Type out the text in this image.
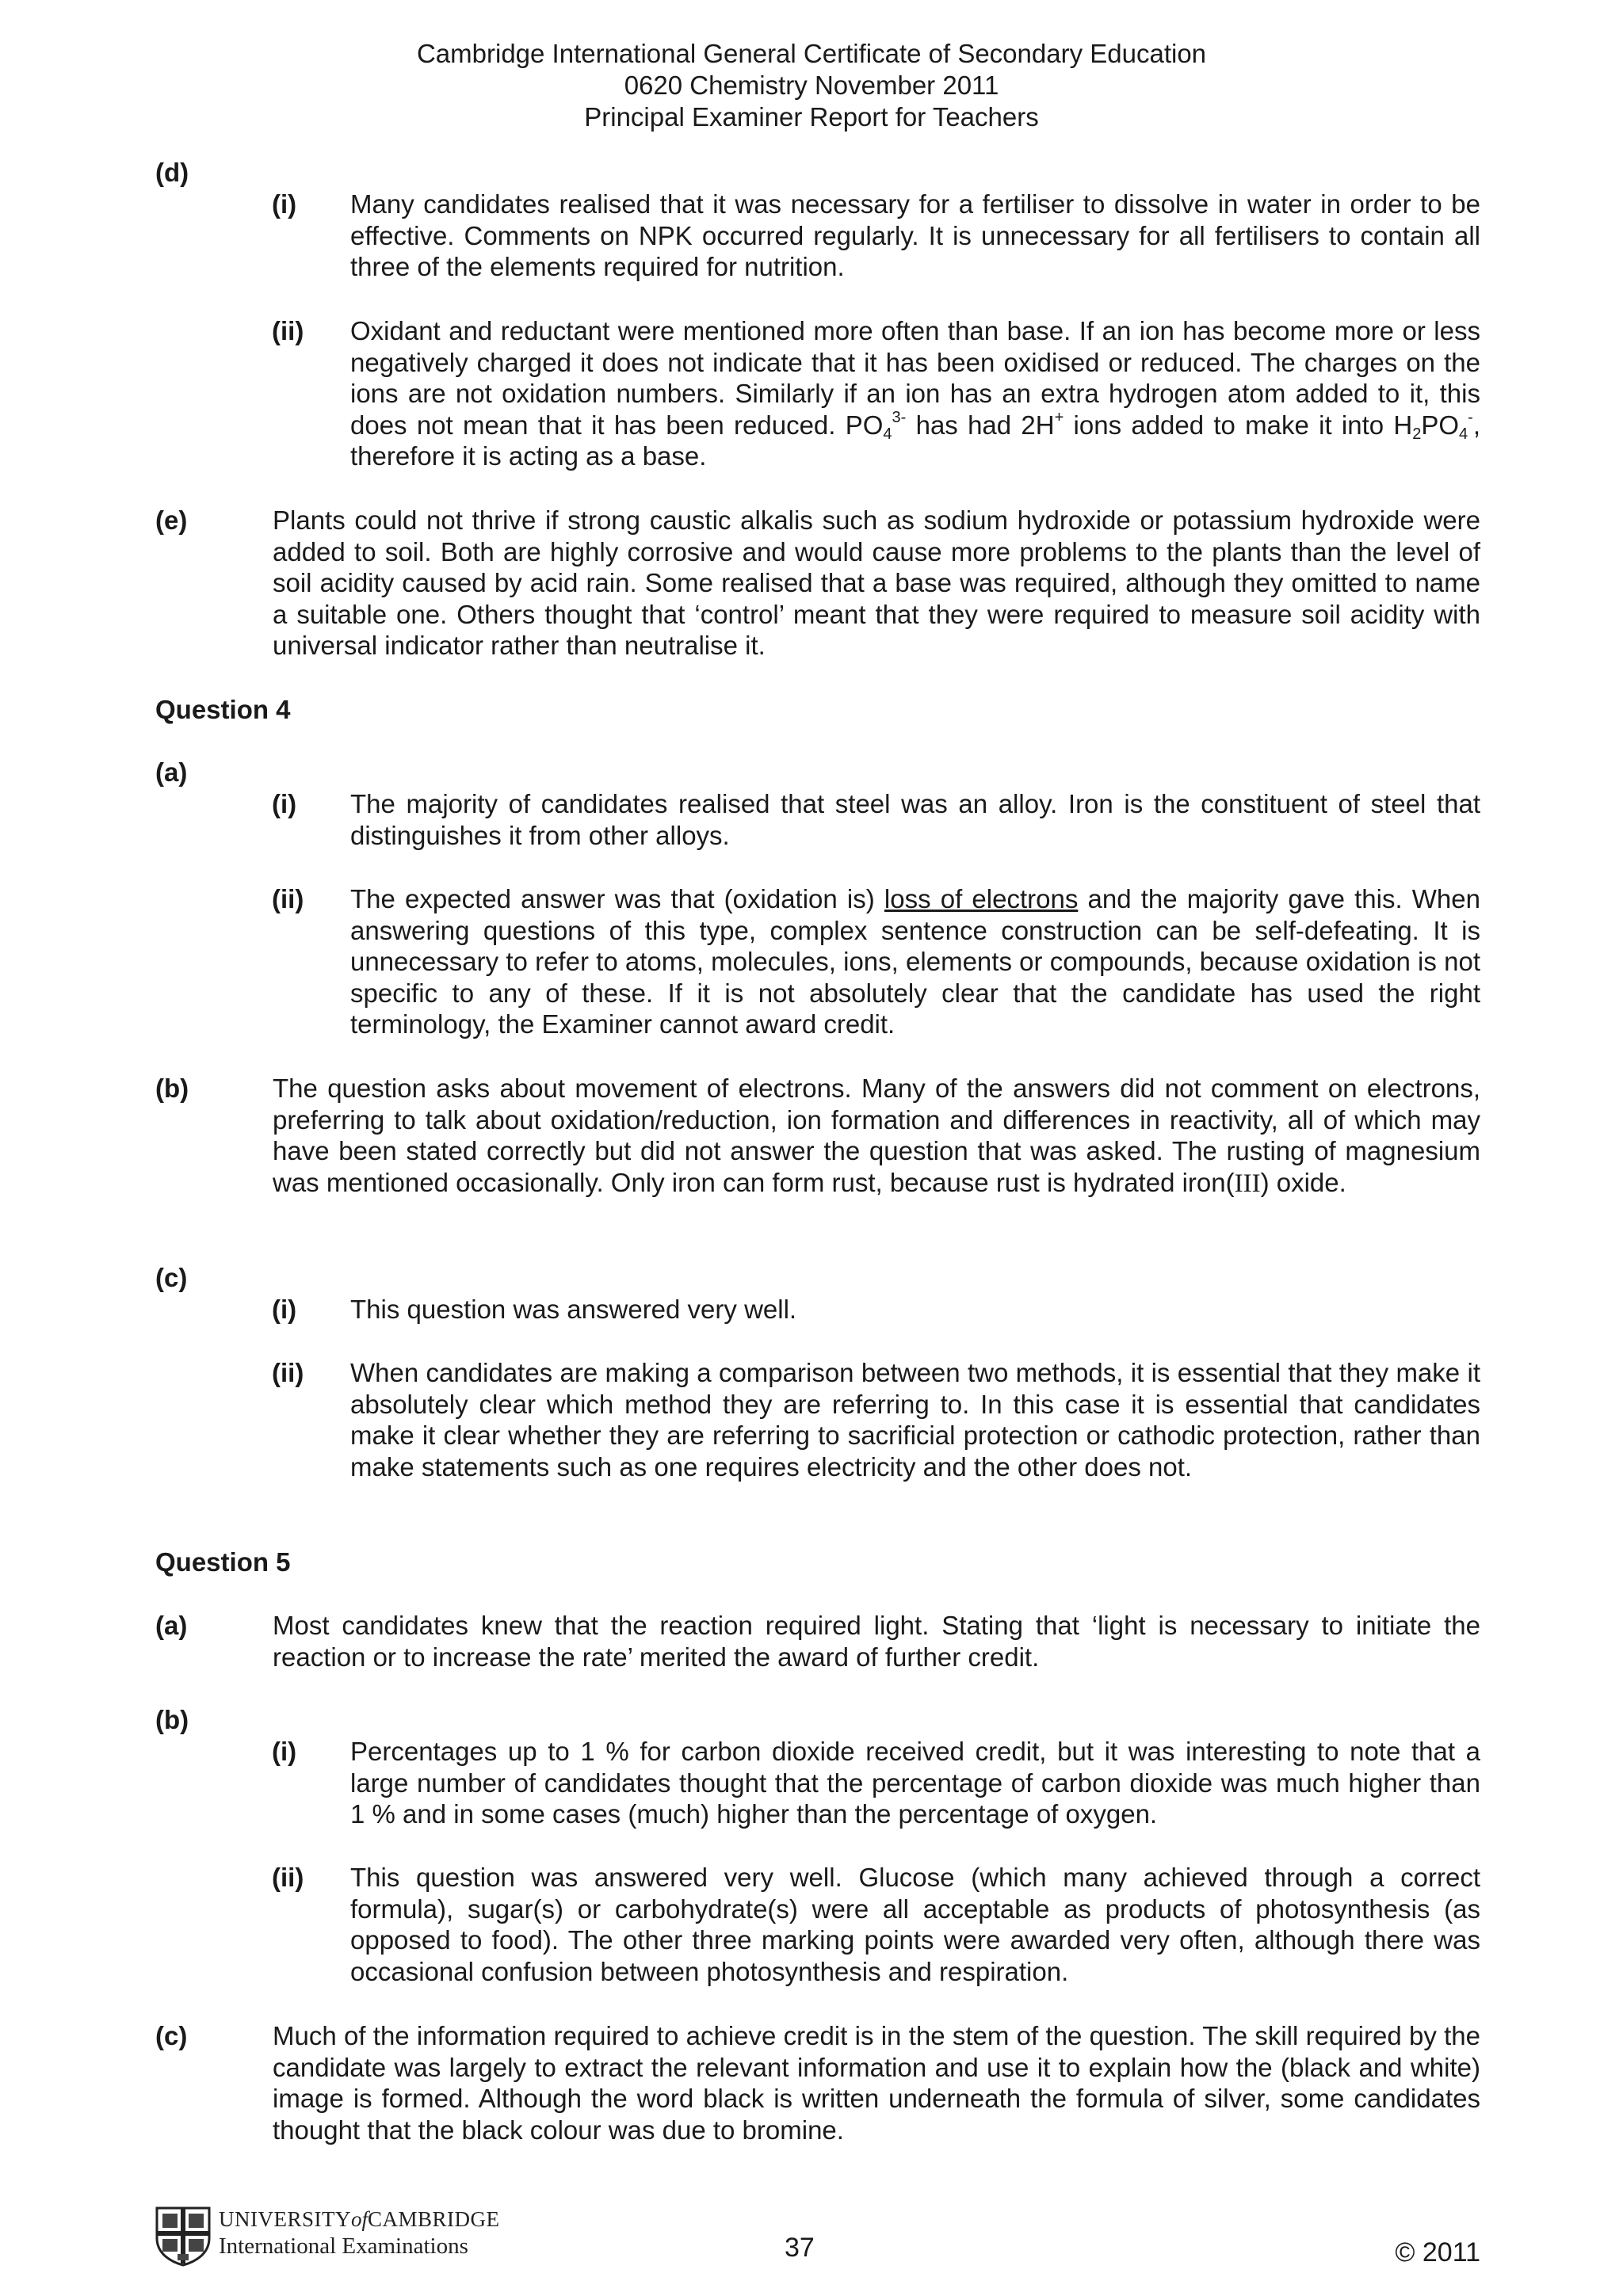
Cambridge International General Certificate of Secondary Education
0620 Chemistry November 2011
Principal Examiner Report for Teachers
(d)
(i) Many candidates realised that it was necessary for a fertiliser to dissolve in water in order to be effective. Comments on NPK occurred regularly. It is unnecessary for all fertilisers to contain all three of the elements required for nutrition.
(ii) Oxidant and reductant were mentioned more often than base. If an ion has become more or less negatively charged it does not indicate that it has been oxidised or reduced. The charges on the ions are not oxidation numbers. Similarly if an ion has an extra hydrogen atom added to it, this does not mean that it has been reduced. $PO_4^{3-}$ has had 2H+ ions added to make it into $H_2PO_4^-$, therefore it is acting as a base.
(e)	Plants could not thrive if strong caustic alkalis such as sodium hydroxide or potassium hydroxide were added to soil. Both are highly corrosive and would cause more problems to the plants than the level of soil acidity caused by acid rain. Some realised that a base was required, although they omitted to name a suitable one. Others thought that ‘control’ meant that they were required to measure soil acidity with universal indicator rather than neutralise it.
Question 4
(a)
(i) The majority of candidates realised that steel was an alloy. Iron is the constituent of steel that distinguishes it from other alloys.
(ii) The expected answer was that (oxidation is) loss of electrons and the majority gave this. When answering questions of this type, complex sentence construction can be self-defeating. It is unnecessary to refer to atoms, molecules, ions, elements or compounds, because oxidation is not specific to any of these. If it is not absolutely clear that the candidate has used the right terminology, the Examiner cannot award credit.
(b)	The question asks about movement of electrons. Many of the answers did not comment on electrons, preferring to talk about oxidation/reduction, ion formation and differences in reactivity, all of which may have been stated correctly but did not answer the question that was asked. The rusting of magnesium was mentioned occasionally. Only iron can form rust, because rust is hydrated iron(III) oxide.
(c)
(i) This question was answered very well.
(ii) When candidates are making a comparison between two methods, it is essential that they make it absolutely clear which method they are referring to. In this case it is essential that candidates make it clear whether they are referring to sacrificial protection or cathodic protection, rather than make statements such as one requires electricity and the other does not.
Question 5
(a)	Most candidates knew that the reaction required light. Stating that ‘light is necessary to initiate the reaction or to increase the rate’ merited the award of further credit.
(b)
(i) Percentages up to 1 % for carbon dioxide received credit, but it was interesting to note that a large number of candidates thought that the percentage of carbon dioxide was much higher than 1 % and in some cases (much) higher than the percentage of oxygen.
(ii) This question was answered very well. Glucose (which many achieved through a correct formula), sugar(s) or carbohydrate(s) were all acceptable as products of photosynthesis (as opposed to food). The other three marking points were awarded very often, although there was occasional confusion between photosynthesis and respiration.
(c)	Much of the information required to achieve credit is in the stem of the question. The skill required by the candidate was largely to extract the relevant information and use it to explain how the (black and white) image is formed. Although the word black is written underneath the formula of silver, some candidates thought that the black colour was due to bromine.
UNIVERSITYofCAMBRIDGE
International Examinations	37	© 2011
